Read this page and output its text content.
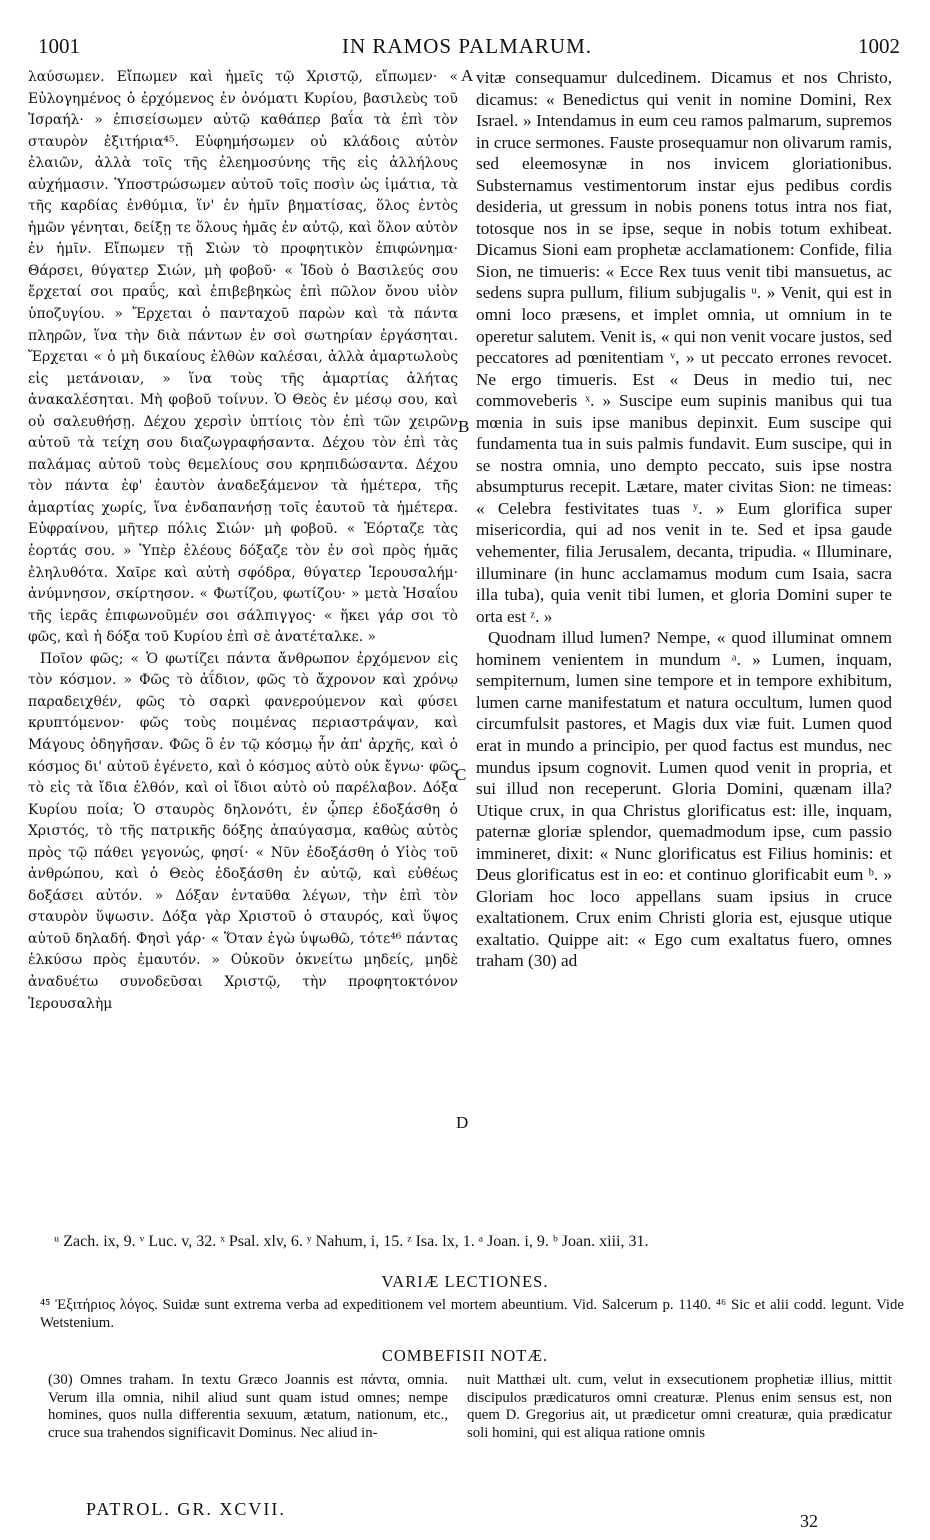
1001	IN RAMOS PALMARUM.	1002

λαύσωμεν. Εἴπωμεν καὶ ἡμεῖς τῷ Χριστῷ, εἴπωμεν· « Εὐλογημένος ὁ ἐρχόμενος ἐν ὀνόματι Κυρίου, βασιλεὺς τοῦ Ἰσραήλ· » ἐπισείσωμεν αὐτῷ καθάπερ βαΐα τὰ ἐπὶ τὸν σταυρὸν ἐξιτήρια⁴⁵. Εὐφημήσωμεν οὐ κλάδοις αὐτὸν ἐλαιῶν, ἀλλὰ τοῖς τῆς ἐλεημοσύνης τῆς εἰς ἀλλήλους αὐχήμασιν. Ὑποστρώσωμεν αὐτοῦ τοῖς ποσὶν ὡς ἱμάτια, τὰ τῆς καρδίας ἐνθύμια, ἵν' ἐν ἡμῖν βηματίσας, ὅλος ἐντὸς ἡμῶν γένηται, δείξῃ τε ὅλους ἡμᾶς ἐν αὐτῷ, καὶ ὅλον αὐτὸν ἐν ἡμῖν. Εἴπωμεν τῇ Σιὼν τὸ προφητικὸν ἐπιφώνημα· Θάρσει, θύγατερ Σιών, μὴ φοβοῦ· « Ἰδοὺ ὁ Βασιλεύς σου ἔρχεταί σοι πραΰς, καὶ ἐπιβεβηκὼς ἐπὶ πῶλον ὄνου υἱὸν ὑποζυγίου. » Ἔρχεται ὁ πανταχοῦ παρὼν καὶ τὰ πάντα πληρῶν, ἵνα τὴν διὰ πάντων ἐν σοὶ σωτηρίαν ἐργάσηται. Ἔρχεται « ὁ μὴ δικαίους ἐλθὼν καλέσαι, ἀλλὰ ἁμαρτωλοὺς εἰς μετάνοιαν, » ἵνα τοὺς τῆς ἁμαρτίας ἀλήτας ἀνακαλέσηται. Μὴ φοβοῦ τοίνυν. Ὁ Θεὸς ἐν μέσῳ σου, καὶ οὐ σαλευθήσῃ. Δέχου χερσὶν ὑπτίοις τὸν ἐπὶ τῶν χειρῶν αὐτοῦ τὰ τείχη σου διαζωγραφήσαντα. Δέχου τὸν ἐπὶ τὰς παλάμας αὐτοῦ τοὺς θεμελίους σου κρηπιδώσαντα. Δέχου τὸν πάντα ἐφ' ἑαυτὸν ἀναδεξάμενον τὰ ἡμέτερα, τῆς ἁμαρτίας χωρίς, ἵνα ἐνδαπανήσῃ τοῖς ἑαυτοῦ τὰ ἡμέτερα. Εὐφραίνου, μῆτερ πόλις Σιών· μὴ φοβοῦ. « Ἑόρταζε τὰς ἑορτάς σου. » Ὑπὲρ ἐλέους δόξαζε τὸν ἐν σοὶ πρὸς ἡμᾶς ἐληλυθότα. Χαῖρε καὶ αὐτὴ σφόδρα, θύγατερ Ἱερουσαλήμ· ἀνύμνησον, σκίρτησον. « Φωτίζου, φωτίζου· » μετὰ Ἡσαΐου τῆς ἱερᾶς ἐπιφωνοῦμέν σοι σάλπιγγος· « ἥκει γάρ σοι τὸ φῶς, καὶ ἡ δόξα τοῦ Κυρίου ἐπὶ σὲ ἀνατέταλκε. »

Ποῖον φῶς; « Ὁ φωτίζει πάντα ἄνθρωπον ἐρχόμενον εἰς τὸν κόσμον. » Φῶς τὸ ἀΐδιον, φῶς τὸ ἄχρονον καὶ χρόνῳ παραδειχθέν, φῶς τὸ σαρκὶ φανερούμενον καὶ φύσει κρυπτόμενον· φῶς τοὺς ποιμένας περιαστράψαν, καὶ Μάγους ὁδηγῆσαν. Φῶς ὃ ἐν τῷ κόσμῳ ἦν ἀπ' ἀρχῆς, καὶ ὁ κόσμος δι' αὐτοῦ ἐγένετο, καὶ ὁ κόσμος αὐτὸ οὐκ ἔγνω· φῶς τὸ εἰς τὰ ἴδια ἐλθόν, καὶ οἱ ἴδιοι αὐτὸ οὐ παρέλαβον. Δόξα Κυρίου ποία; Ὁ σταυρὸς δηλονότι, ἐν ᾧπερ ἐδοξάσθη ὁ Χριστός, τὸ τῆς πατρικῆς δόξης ἀπαύγασμα, καθὼς αὐτὸς πρὸς τῷ πάθει γεγονώς, φησί· « Νῦν ἐδοξάσθη ὁ Υἱὸς τοῦ ἀνθρώπου, καὶ ὁ Θεὸς ἐδοξάσθη ἐν αὐτῷ, καὶ εὐθέως δοξάσει αὐτόν. » Δόξαν ἐνταῦθα λέγων, τὴν ἐπὶ τὸν σταυρὸν ὕψωσιν. Δόξα γὰρ Χριστοῦ ὁ σταυρός, καὶ ὕψος αὐτοῦ δηλαδή. Φησὶ γάρ· « Ὅταν ἐγὼ ὑψωθῶ, τότε⁴⁶ πάντας ἑλκύσω πρὸς ἐμαυτόν. » Οὐκοῦν ὀκνείτω μηδείς, μηδὲ ἀναδυέτω συνοδεῦσαι Χριστῷ, τὴν προφητοκτόνον Ἱερουσαλὴμ

A
B
C
D

vitæ consequamur dulcedinem. Dicamus et nos Christo, dicamus: « Benedictus qui venit in nomine Domini, Rex Israel. » Intendamus in eum ceu ramos palmarum, supremos in cruce sermones. Fauste prosequamur non olivarum ramis, sed eleemosynæ in nos invicem gloriationibus. Substernamus vestimentorum instar ejus pedibus cordis desideria, ut gressum in nobis ponens totus intra nos fiat, totosque nos in se ipse, seque in nobis totum exhibeat. Dicamus Sioni eam prophetæ acclamationem: Confide, filia Sion, ne timueris: « Ecce Rex tuus venit tibi mansuetus, ac sedens supra pullum, filium subjugalis ᵘ. » Venit, qui est in omni loco præsens, et implet omnia, ut omnium in te operetur salutem. Venit is, « qui non venit vocare justos, sed peccatores ad pœnitentiam ᵛ, » ut peccato errones revocet. Ne ergo timueris. Est « Deus in medio tui, nec commoveberis ˣ. » Suscipe eum supinis manibus qui tua mœnia in suis ipse manibus depinxit. Eum suscipe qui fundamenta tua in suis palmis fundavit. Eum suscipe, qui in se nostra omnia, uno dempto peccato, suis ipse nostra absumpturus recepit. Lætare, mater civitas Sion: ne timeas: « Celebra festivitates tuas ʸ. » Eum glorifica super misericordia, qui ad nos venit in te. Sed et ipsa gaude vehementer, filia Jerusalem, decanta, tripudia. « Illuminare, illuminare (in hunc acclamamus modum cum Isaia, sacra illa tuba), quia venit tibi lumen, et gloria Domini super te orta est ᶻ. »

Quodnam illud lumen? Nempe, « quod illuminat omnem hominem venientem in mundum ᵃ. » Lumen, inquam, sempiternum, lumen sine tempore et in tempore exhibitum, lumen carne manifestatum et natura occultum, lumen quod circumfulsit pastores, et Magis dux viæ fuit. Lumen quod erat in mundo a principio, per quod factus est mundus, nec mundus ipsum cognovit. Lumen quod venit in propria, et sui illud non receperunt. Gloria Domini, quænam illa? Utique crux, in qua Christus glorificatus est: ille, inquam, paternæ gloriæ splendor, quemadmodum ipse, cum passio immineret, dixit: « Nunc glorificatus est Filius hominis: et Deus glorificatus est in eo: et continuo glorificabit eum ᵇ. » Gloriam hoc loco appellans suam ipsius in cruce exaltationem. Crux enim Christi gloria est, ejusque utique exaltatio. Quippe ait: « Ego cum exaltatus fuero, omnes traham (30) ad

ᵘ Zach. ix, 9. ᵛ Luc. v, 32. ˣ Psal. xlv, 6. ʸ Nahum, i, 15. ᶻ Isa. lx, 1. ᵃ Joan. i, 9. ᵇ Joan. xiii, 31.
VARIÆ LECTIONES.
⁴⁵ Ἐξιτήριος λόγος. Suidæ sunt extrema verba ad expeditionem vel mortem abeuntium. Vid. Salcerum p. 1140. ⁴⁶ Sic et alii codd. legunt. Vide Wetstenium.
COMBEFISII NOTÆ.

(30) Omnes traham. In textu Græco Joannis est πάντα, omnia. Verum illa omnia, nihil aliud sunt quam istud omnes; nempe homines, quos nulla differentia sexuum, ætatum, nationum, etc., cruce sua trahendos significavit Dominus. Nec aliud in-

nuit Matthæi ult. cum, velut in exsecutionem prophetiæ illius, mittit discipulos prædicaturos omni creaturæ. Plenus enim sensus est, non quem D. Gregorius ait, ut prædicetur omni creaturæ, quia prædicatur soli homini, qui est aliqua ratione omnis

PATROL. GR. XCVII.
32
